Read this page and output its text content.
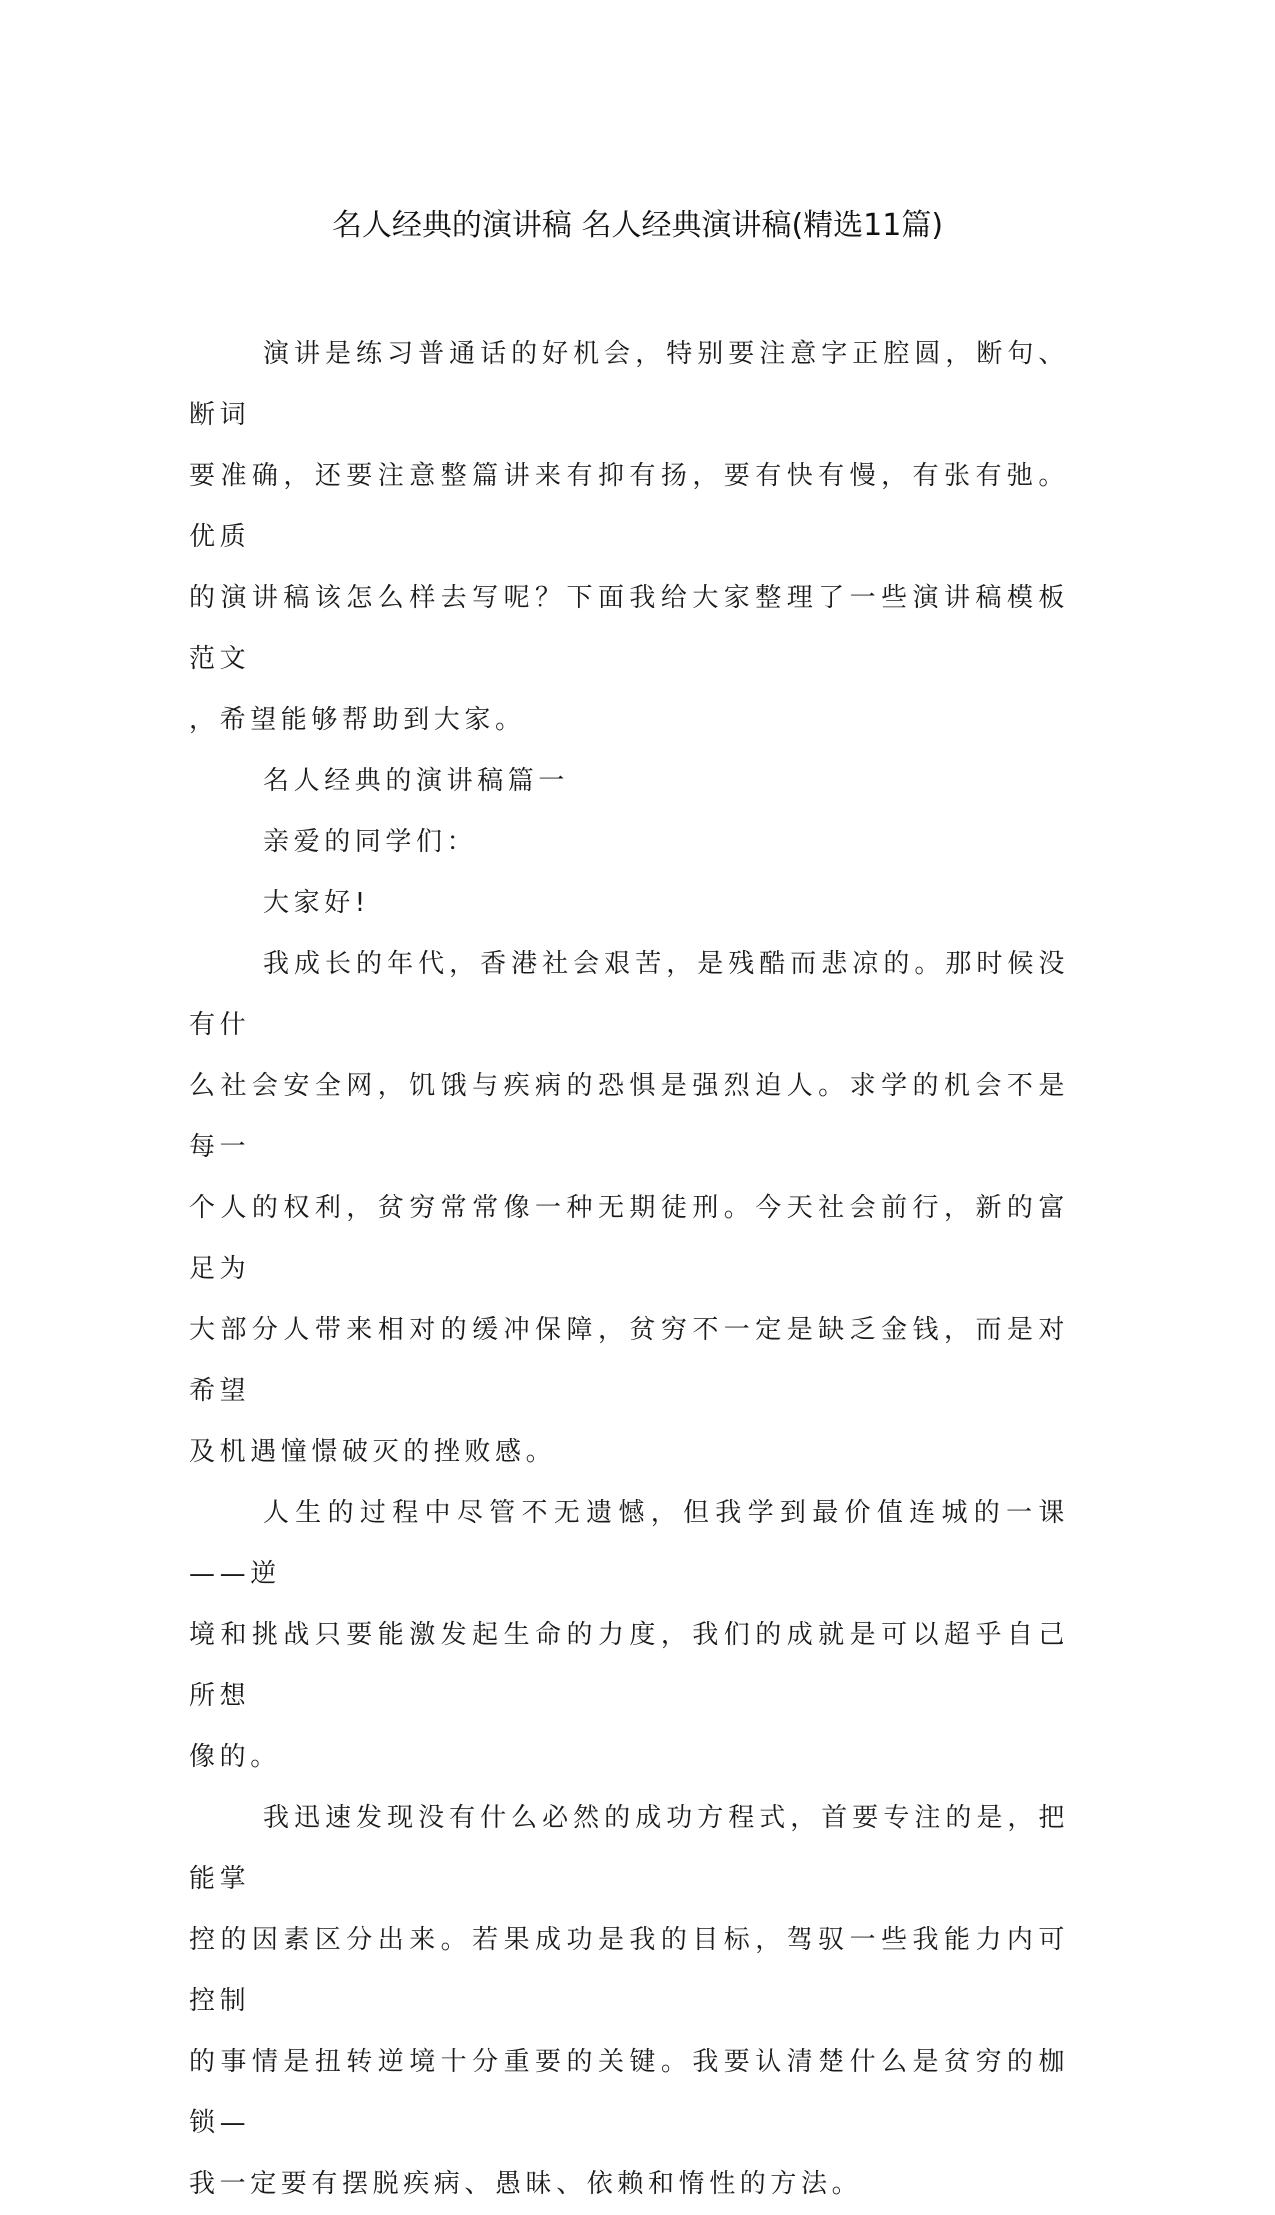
名人经典的演讲稿 名人经典演讲稿(精选11篇)

演讲是练习普通话的好机会，特别要注意字正腔圆，断句、断词
要准确，还要注意整篇讲来有抑有扬，要有快有慢，有张有弛。优质
的演讲稿该怎么样去写呢？下面我给大家整理了一些演讲稿模板范文
，希望能够帮助到大家。

名人经典的演讲稿篇一

亲爱的同学们：

大家好!

我成长的年代，香港社会艰苦，是残酷而悲凉的。那时候没有什
么社会安全网，饥饿与疾病的恐惧是强烈迫人。求学的机会不是每一
个人的权利，贫穷常常像一种无期徒刑。今天社会前行，新的富足为
大部分人带来相对的缓冲保障，贫穷不一定是缺乏金钱，而是对希望
及机遇憧憬破灭的挫败感。

人生的过程中尽管不无遗憾，但我学到最价值连城的一课——逆
境和挑战只要能激发起生命的力度，我们的成就是可以超乎自己所想
像的。

我迅速发现没有什么必然的成功方程式，首要专注的是，把能掌
控的因素区分出来。若果成功是我的目标，驾驭一些我能力内可控制
的事情是扭转逆境十分重要的关键。我要认清楚什么是贫穷的枷锁—
我一定要有摆脱疾病、愚昧、依赖和惰性的方法。
